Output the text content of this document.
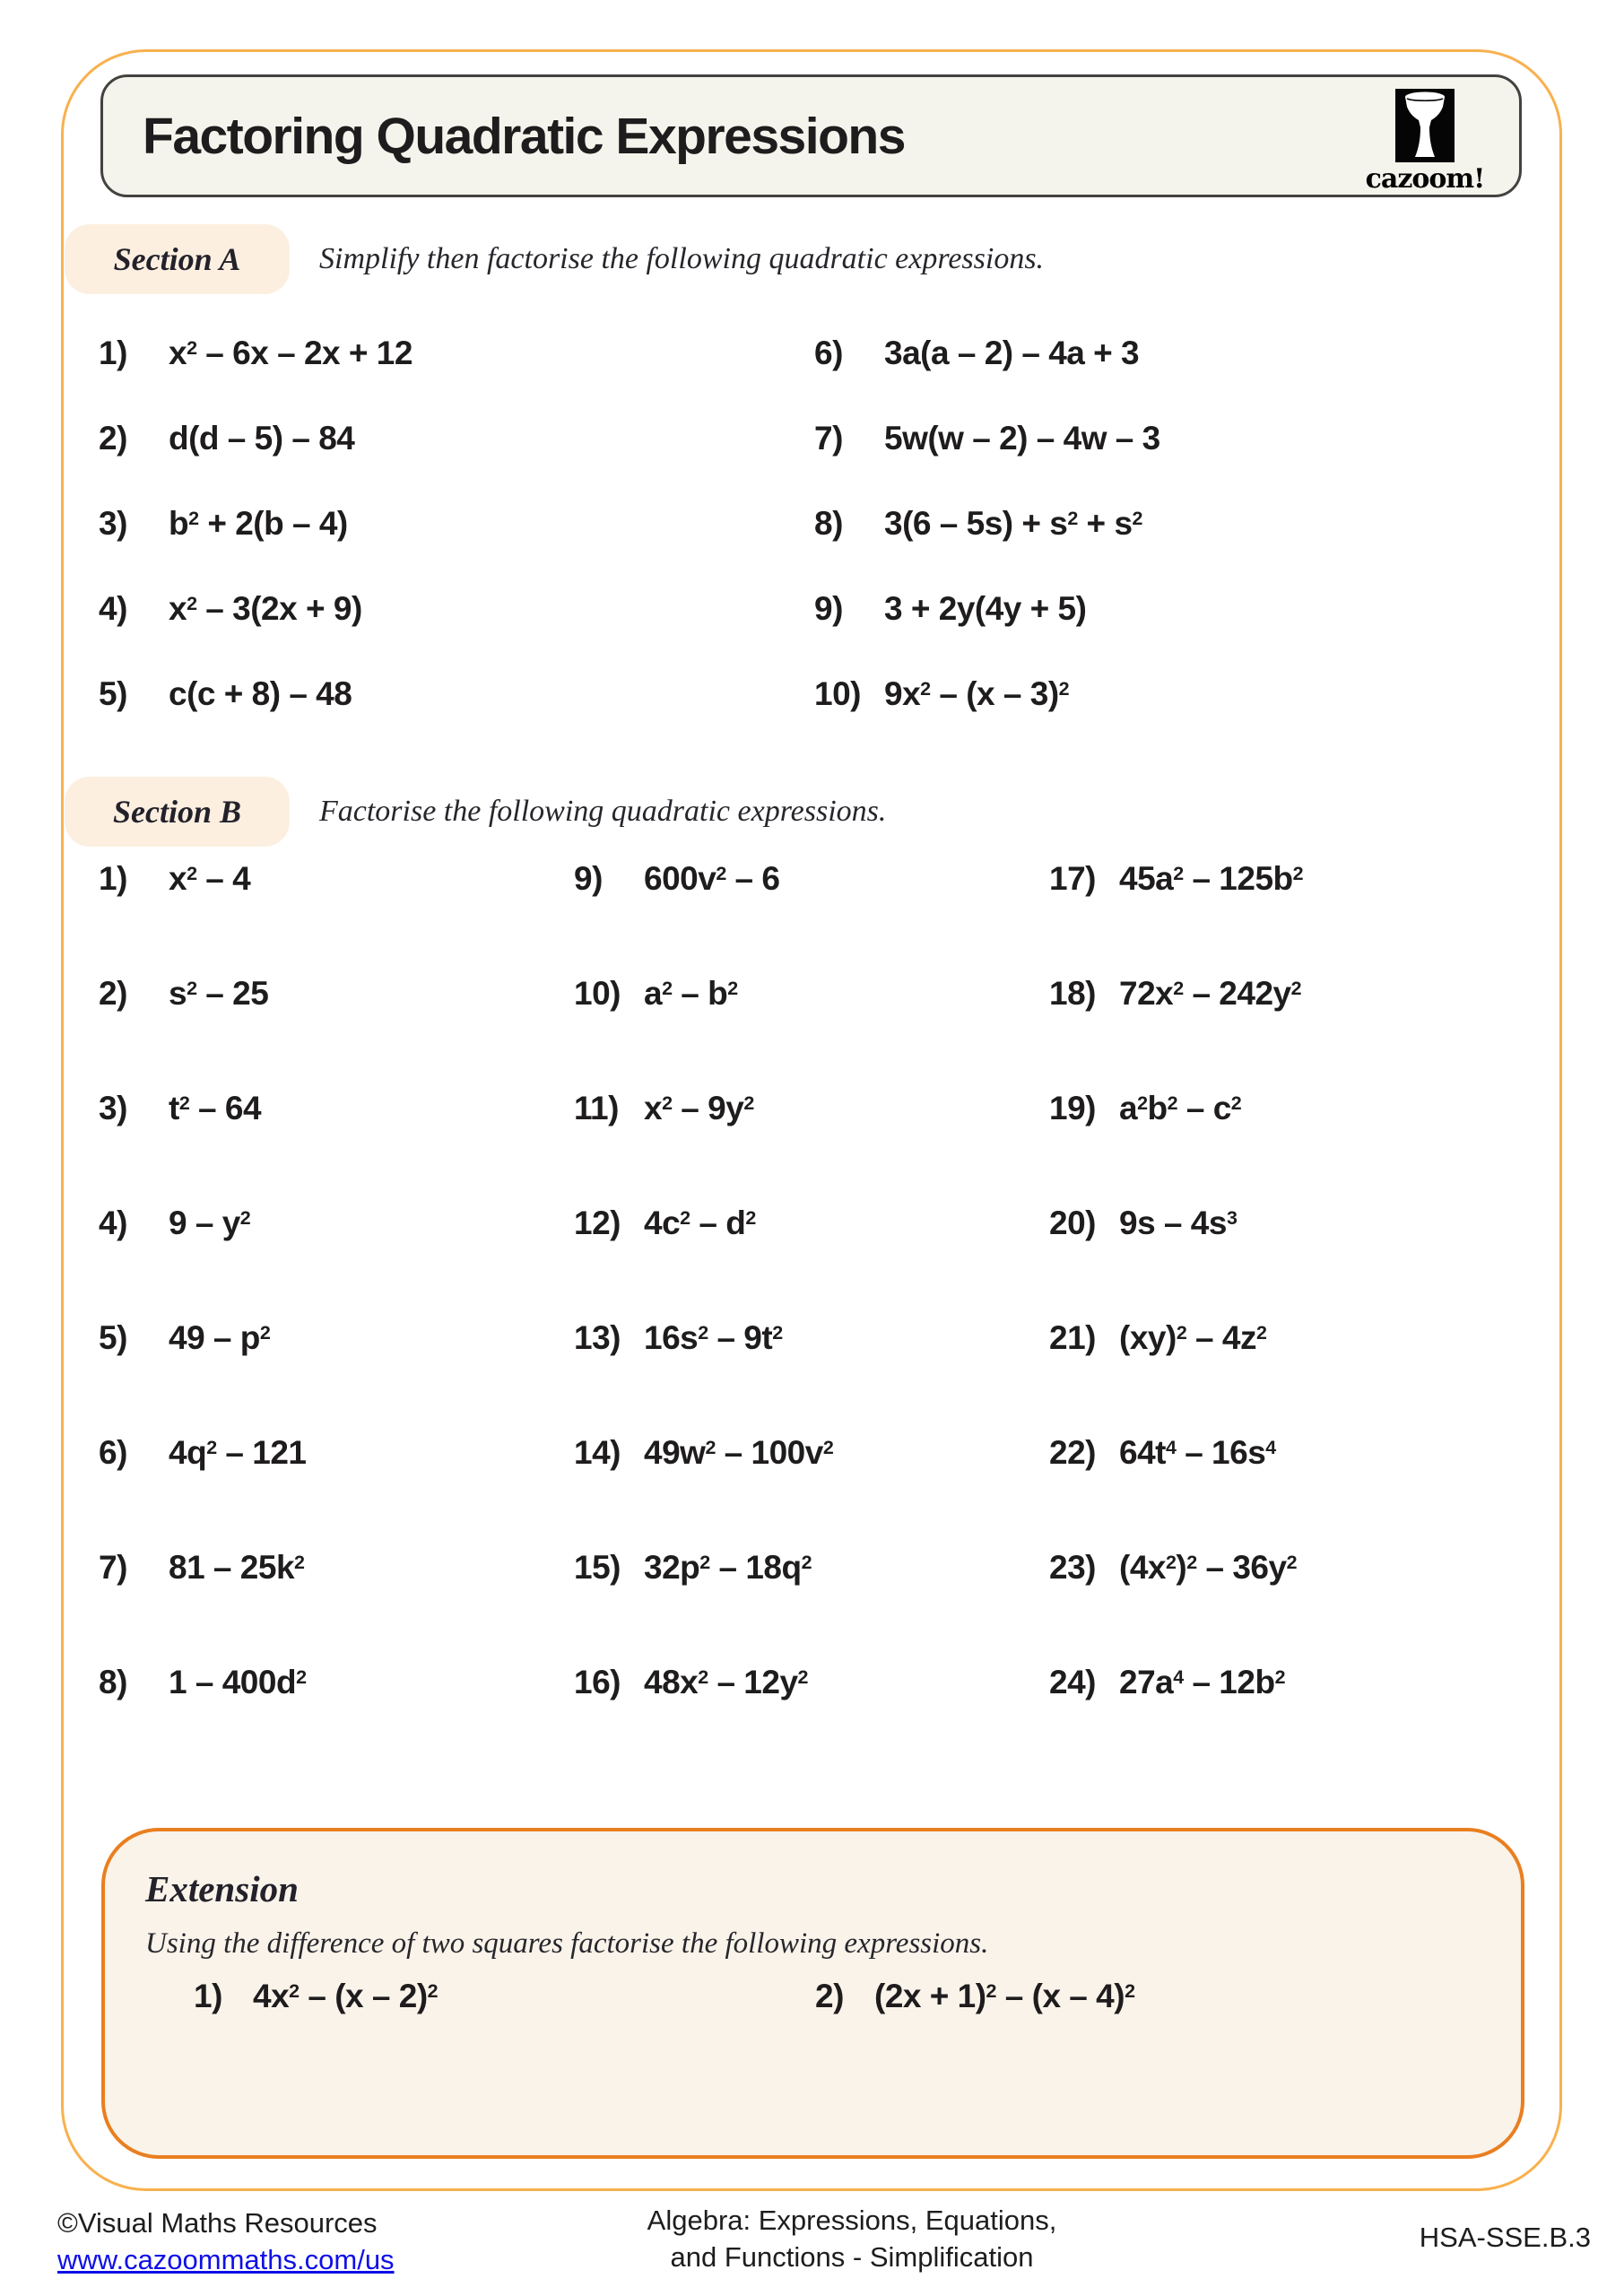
Factoring Quadratic Expressions
cazoom!
Section A	Simplify then factorise the following quadratic expressions.
1)	$x^2 - 6x - 2x + 12$
2)	d(d – 5) – 84
3)	$b^2 + 2(b - 4)$
4)	$x^2 - 3(2x + 9)$
5)	c(c + 8) – 48
6)	3a(a – 2) – 4a + 3
7)	5w(w – 2) – 4w – 3
8)	$3(6 - 5s) + s^2 + s^2$
9)	3 + 2y(4y + 5)
10) $9x^2 - (x - 3)^2$
Section B	Factorise the following quadratic expressions.
1)	$x^2 - 4$
2)	$s^2 - 25$
3)	$t^2 - 64$
4)	$9 - y^2$
5)	$49 - p^2$
6)	$4q^2 - 121$
7)	$81 - 25k^2$
8)	$1 - 400d^2$
9)	$600v^2 - 6$
10) $a^2 - b^2$
11) $x^2 - 9y^2$
12) $4c^2 - d^2$
13) $16s^2 - 9t^2$
14) $49w^2 - 100v^2$
15) $32p^2 - 18q^2$
16) $48x^2 - 12y^2$
17) $45a^2 - 125b^2$
18) $72x^2 - 242y^2$
19) $a^2b^2 - c^2$
20) $9s - 4s^3$
21) $(xy)^2 - 4z^2$
22) $64t^4 - 16s^4$
23) $(4x^2)^2 - 36y^2$
24) $27a^4 - 12b^2$
Extension
Using the difference of two squares factorise the following expressions.
1) $4x^2 - (x - 2)^2$	2) $(2x + 1)^2 - (x - 4)^2$
©Visual Maths Resources
www.cazoommaths.com/us
Algebra: Expressions, Equations,
and Functions - Simplification
HSA-SSE.B.3
